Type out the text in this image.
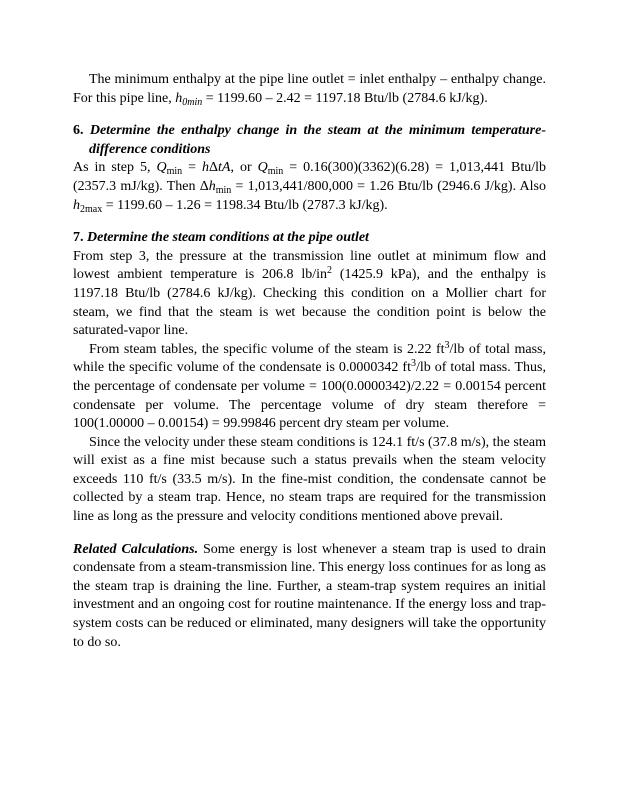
The minimum enthalpy at the pipe line outlet = inlet enthalpy – enthalpy change. For this pipe line, $h_{0min} = 1199.60 - 2.42 = 1197.18$ Btu/lb (2784.6 kJ/kg).

6. Determine the enthalpy change in the steam at the minimum temperature-difference conditions

As in step 5, $Q_{min} = h\Delta tA$, or $Q_{min} = 0.16(300)(3362)(6.28) = 1,013,441$ Btu/lb (2357.3 mJ/kg). Then $\Delta h_{min} = 1,013,441/800,000 = 1.26$ Btu/lb (2946.6 J/kg). Also $h_{2max} = 1199.60 - 1.26 = 1198.34$ Btu/lb (2787.3 kJ/kg).

7. Determine the steam conditions at the pipe outlet

From step 3, the pressure at the transmission line outlet at minimum flow and lowest ambient temperature is 206.8 $lb/in^2$ (1425.9 kPa), and the enthalpy is 1197.18 Btu/lb (2784.6 kJ/kg). Checking this condition on a Mollier chart for steam, we find that the steam is wet because the condition point is below the saturated-vapor line.

From steam tables, the specific volume of the steam is 2.22 $ft^3/lb$ of total mass, while the specific volume of the condensate is 0.0000342 $ft^3/lb$ of total mass. Thus, the percentage of condensate per volume = 100(0.0000342)/2.22 = 0.00154 percent condensate per volume. The percentage volume of dry steam therefore = 100(1.00000 – 0.00154) = 99.99846 percent dry steam per volume.

Since the velocity under these steam conditions is 124.1 ft/s (37.8 m/s), the steam will exist as a fine mist because such a status prevails when the steam velocity exceeds 110 ft/s (33.5 m/s). In the fine-mist condition, the condensate cannot be collected by a steam trap. Hence, no steam traps are required for the transmission line as long as the pressure and velocity conditions mentioned above prevail.

Related Calculations. Some energy is lost whenever a steam trap is used to drain condensate from a steam-transmission line. This energy loss continues for as long as the steam trap is draining the line. Further, a steam-trap system requires an initial investment and an ongoing cost for routine maintenance. If the energy loss and trap-system costs can be reduced or eliminated, many designers will take the opportunity to do so.
